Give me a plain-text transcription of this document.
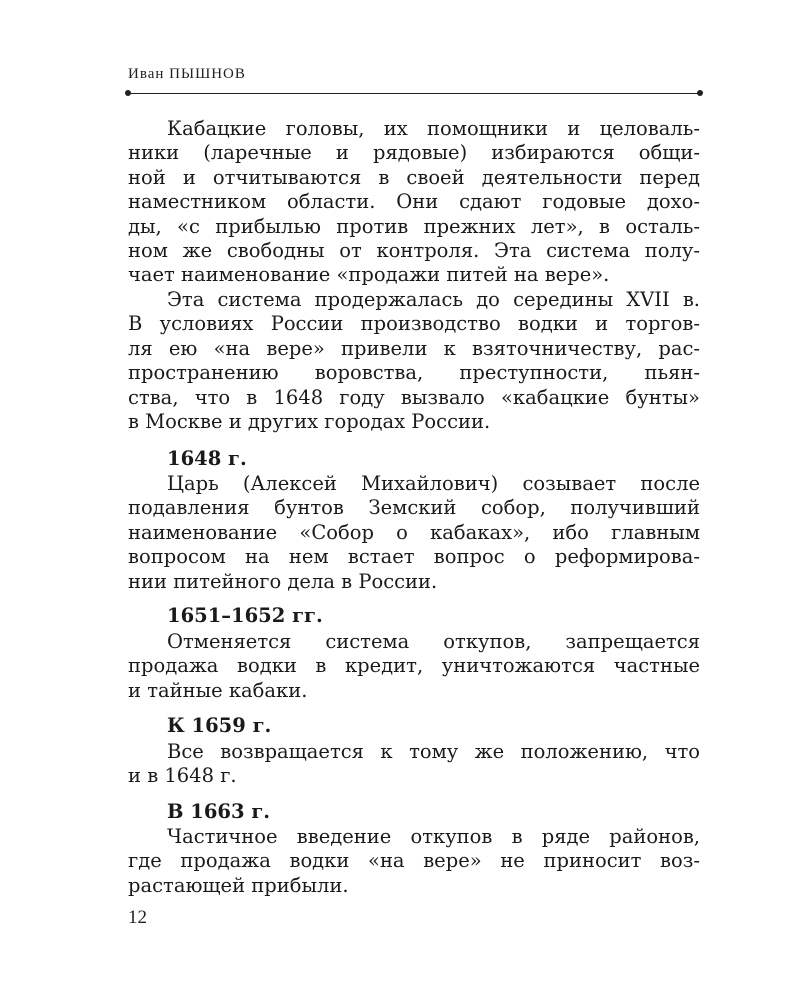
Иван ПЫШНОВ
Кабацкие головы, их помощники и целоваль-
ники (ларечные и рядовые) избираются общи-
ной и отчитываются в своей деятельности перед
наместником области. Они сдают годовые дохо-
ды, «с прибылью против прежних лет», в осталь-
ном же свободны от контроля. Эта система полу-
чает наименование «продажи питей на вере».
Эта система продержалась до середины XVII в.
В условиях России производство водки и торгов-
ля ею «на вере» привели к взяточничеству, рас-
пространению воровства, преступности, пьян-
ства, что в 1648 году вызвало «кабацкие бунты»
в Москве и других городах России.
1648 г.
Царь (Алексей Михайлович) созывает после
подавления бунтов Земский собор, получивший
наименование «Собор о кабаках», ибо главным
вопросом на нем встает вопрос о реформирова-
нии питейного дела в России.
1651–1652 гг.
Отменяется система откупов, запрещается
продажа водки в кредит, уничтожаются частные
и тайные кабаки.
К 1659 г.
Все возвращается к тому же положению, что
и в 1648 г.
В 1663 г.
Частичное введение откупов в ряде районов,
где продажа водки «на вере» не приносит воз-
растающей прибыли.
12
